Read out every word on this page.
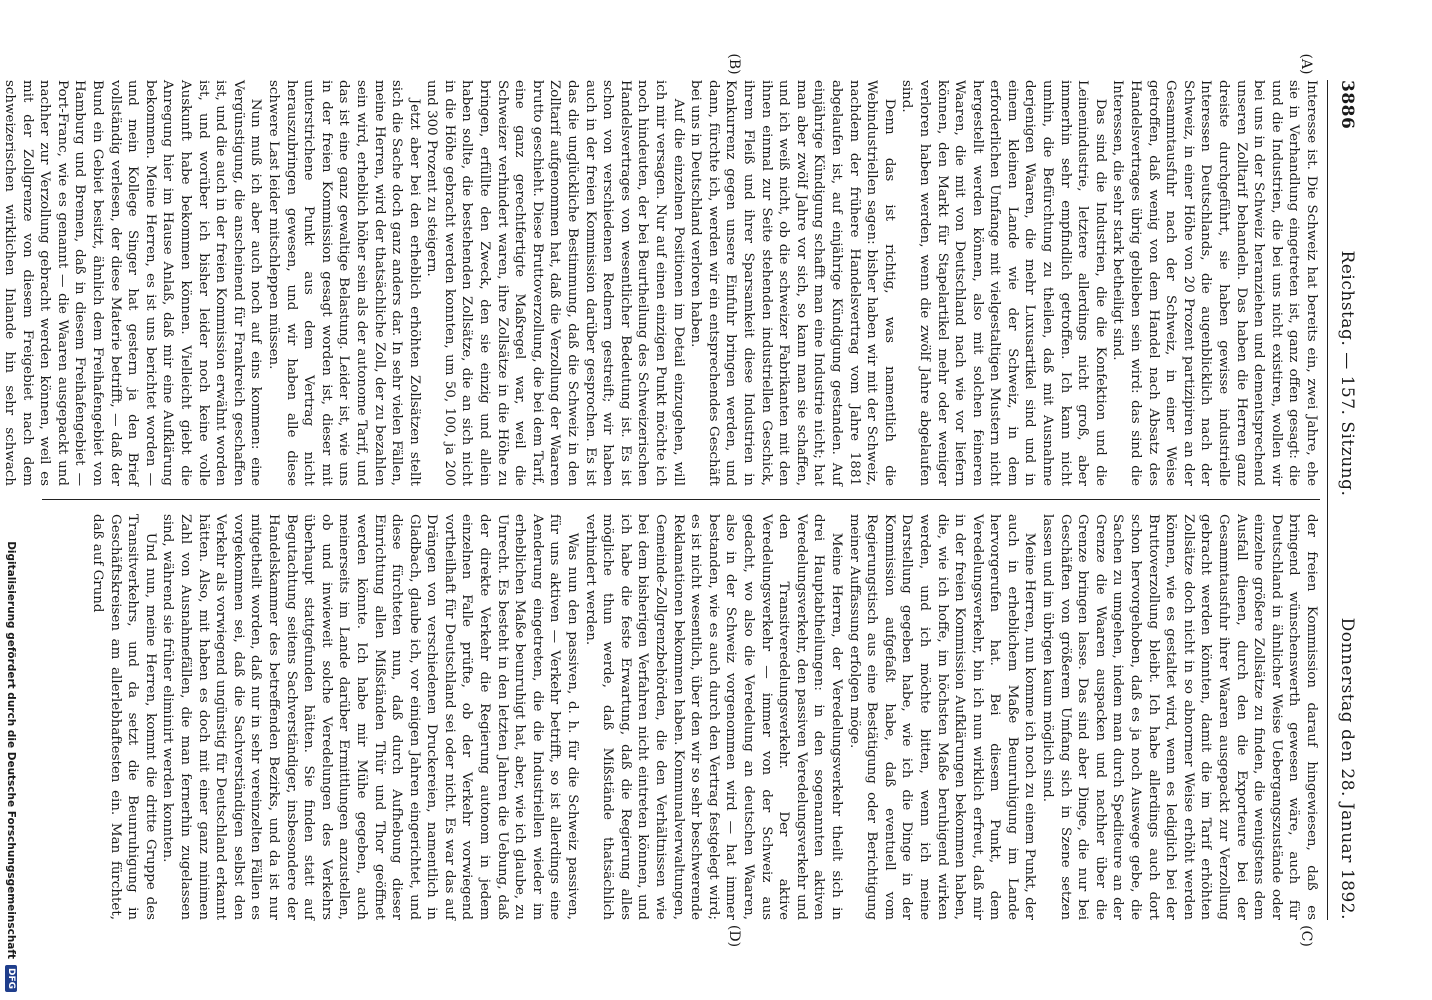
3886
Reichstag. — 157. Sitzung.
Donnerstag den 28. Januar 1892.
(A)
(B)
(C)
(D)

Interesse ist. Die Schweiz hat bereits ein, zwei Jahre, ehe sie in Verhandlung eingetreten ist, ganz offen gesagt: die und die Industrien, die bei uns nicht existiren, wollen wir bei uns in der Schweiz heranziehen und dementsprechend unseren Zolltarif behandeln. Das haben die Herren ganz dreiste durchgeführt, sie haben gewisse industrielle Interessen Deutschlands, die augenblicklich nach der Schweiz, in einer Höhe von 20 Prozent partizipiren an der Gesammtausfuhr nach der Schweiz, in einer Weise getroffen, daß wenig von dem Handel nach Absatz des Handelsvertrages übrig geblieben sein wird: das sind die Interessen, die sehr stark betheiligt sind.

Das sind die Industrien, die die Konfektion und die Leinenindustrie, letztere allerdings nicht groß, aber immerhin sehr empfindlich getroffen. Ich kann nicht umhin, die Befürchtung zu theilen, daß mit Ausnahme derjenigen Waaren, die mehr Luxusartikel sind und in einem kleinen Lande wie der Schweiz, in dem erforderlichen Umfange mit vielgestaltigen Mustern nicht hergestellt werden können, also mit solchen feineren Waaren, die mit von Deutschland nach wie vor liefern können, den Markt für Stapelartikel mehr oder weniger verloren haben werden, wenn die zwölf Jahre abgelaufen sind.

Denn das ist richtig, was namentlich die Webindustriellen sagen: bisher haben wir mit der Schweiz, nachdem der frühere Handelsvertrag vom Jahre 1881 abgelaufen ist, auf einjährige Kündigung gestanden. Auf einjährige Kündigung schafft man eine Industrie nicht; hat man aber zwölf Jahre vor sich, so kann man sie schaffen, und ich weiß nicht, ob die schweizer Fabrikanten mit den ihnen einmal zur Seite stehenden industriellen Geschick, ihrem Fleiß und ihrer Sparsamkeit diese Industrien in Konkurrenz gegen unsere Einfuhr bringen werden, und dann, fürchte ich, werden wir ein entsprechendes Geschäft bei uns in Deutschland verloren haben.

Auf die einzelnen Positionen im Detail einzugehen, will ich mir versagen. Nur auf einen einzigen Punkt möchte ich noch hindeuten, der bei Beurtheilung des Schweizerischen Handelsvertrages von wesentlicher Bedeutung ist. Es ist schon von verschiedenen Rednern gestreift; wir haben auch in der freien Kommission darüber gesprochen. Es ist das die unglückliche Bestimmung, daß die Schweiz in den Zolltarif aufgenommen hat, daß die Verzollung der Waaren brutto geschieht. Diese Bruttoverzollung, die bei dem Tarif, eine ganz gerechtfertigte Maßregel war, weil die Schweizer verhindert waren, ihre Zollsätze in die Höhe zu bringen, erfüllte den Zweck, den sie einzig und allein haben sollte, die bestehenden Zollsätze, die an sich nicht in die Höhe gebracht werden konnten, um 50, 100, ja 200 und 300 Prozent zu steigern.

Jetzt aber bei den erheblich erhöhten Zollsätzen stellt sich die Sache doch ganz anders dar. In sehr vielen Fällen, meine Herren, wird der thatsächliche Zoll, der zu bezahlen sein wird, erheblich höher sein als der autonome Tarif, und das ist eine ganz gewaltige Belastung. Leider ist, wie uns in der freien Kommission gesagt worden ist, dieser mit unterstrichene Punkt aus dem Vertrag nicht herauszubringen gewesen, und wir haben alle diese schwere Last leider mitschleppen müssen.

Nun muß ich aber auch noch auf eins kommen: eine Vergünstigung, die anscheinend für Frankreich geschaffen ist, und die auch in der freien Kommission erwähnt worden ist, und worüber ich bisher leider noch keine volle Auskunft habe bekommen können. Vielleicht giebt die Anregung hier im Hause Anlaß, daß mir eine Aufklärung bekommen. Meine Herren, es ist uns berichtet worden — und mein Kollege Singer hat gestern ja den Brief vollständig verlesen, der diese Materie betrifft, — daß der Bund ein Gebiet besitzt, ähnlich dem Freihafengebiet von Hamburg und Bremen, daß in diesem Freihafengebiet — Port-Franc, wie es genannt — die Waaren ausgepackt und nachher zur Verzollung gebracht werden können, weil es mit der Zollgrenze von diesem Freigebiet nach dem schweizerischen wirklichen Inlande hin sehr schwach

der freien Kommission darauf hingewiesen, daß es bringend wünschenswerth gewesen wäre, auch für Deutschland in ähnlicher Weise Uebergangszustände oder einzelne größere Zollsätze zu finden, die wenigstens dem Ausfall dienen, durch den die Exporteure bei der Gesammtausfuhr ihrer Waaren ausgepackt zur Verzollung gebracht werden könnten, damit die im Tarif erhöhten Zollsätze doch nicht in so abnormer Weise erhöht werden können, wie es gestaltet wird, wenn es lediglich bei der Bruttoverzollung bleibt. Ich habe allerdings auch dort schon hervorgehoben, daß es ja noch Auswege gebe, die Sachen zu umgehen, indem man durch Spediteure an der Grenze die Waaren auspacken und nachher über die Grenze bringen lasse. Das sind aber Dinge, die nur bei Geschäften von größerem Umfang sich in Szene setzen lassen und im übrigen kaum möglich sind.

Meine Herren, nun komme ich noch zu einem Punkt, der auch in erheblichem Maße Beunruhigung im Lande hervorgerufen hat. Bei diesem Punkt, dem Veredelungsverkehr, bin ich nun wirklich erfreut, daß mir in der freien Kommission Aufklärungen bekommen haben, die, wie ich hoffe, im höchsten Maße beruhigend wirken werden, und ich möchte bitten, wenn ich meine Darstellung gegeben habe, wie ich die Dinge in der Kommission aufgefaßt habe, daß eventuell vom Regierungstisch aus eine Bestätigung oder Berichtigung meiner Auffassung erfolgen möge.

Meine Herren, der Veredelungsverkehr theilt sich in drei Hauptabtheilungen: in den sogenannten aktiven Veredelungsverkehr, den passiven Veredelungsverkehr und den Transitveredelungsverkehr. Der aktive Veredelungsverkehr — immer von der Schweiz aus gedacht, wo also die Veredelung an deutschen Waaren, also in der Schweiz vorgenommen wird — hat immer bestanden, wie es auch durch den Vertrag festgelegt wird; es ist nicht wesentlich, über den wir so sehr beschwerende Reklamationen bekommen haben. Kommunalverwaltungen, Gemeinde-Zollgrenzbehörden, die den Verhältnissen wie bei dem bisherigen Verfahren nicht eintreten können, und ich habe die feste Erwartung, daß die Regierung alles mögliche thun werde, daß Mißstände thatsächlich verhindert werden.

Was nun den passiven, d. h. für die Schweiz passiven, für uns aktiven — Verkehr betrifft, so ist allerdings eine Aenderung eingetreten, die die Industriellen wieder im erheblichen Maße beunruhigt hat, aber, wie ich glaube, zu Unrecht. Es besteht in den letzten Jahren die Uebung, daß der direkte Verkehr die Regierung autonom in jedem einzelnen Falle prüfte, ob der Verkehr vorwiegend vortheilhaft für Deutschland sei oder nicht. Es war das auf Drängen von verschiedenen Druckereien, namentlich in Gladbach, glaube ich, vor einigen Jahren eingerichtet, und diese fürchteten nun, daß durch Aufhebung dieser Einrichtung allen Mißständen Thür und Thor geöffnet werden könnte. Ich habe mir Mühe gegeben, auch meinerseits im Lande darüber Ermittlungen anzustellen, ob und inwieweit solche Veredelungen des Verkehrs überhaupt stattgefunden hätten. Sie finden statt auf Begutachtung seitens Sachverständiger, insbesondere der Handelskammer des betreffenden Bezirks, und da ist nur mitgetheilt worden, daß nur in sehr vereinzelten Fällen es vorgekommen sei, daß die Sachverständigen selbst den Verkehr als vorwiegend ungünstig für Deutschland erkannt hätten. Also, mit haben es doch mit einer ganz minimen Zahl von Ausnahmefällen, die man fernerhin zugelassen sind, während sie früher eliminirt werden konnten.

Und nun, meine Herren, kommt die dritte Gruppe des Transitverkehrs, und da setzt die Beunruhigung in Geschäftskreisen am allerlebhaftesten ein. Man fürchtet, daß auf Grund

Digitalisierung gefördert durch die Deutsche Forschungsgemeinschaft
DFG
